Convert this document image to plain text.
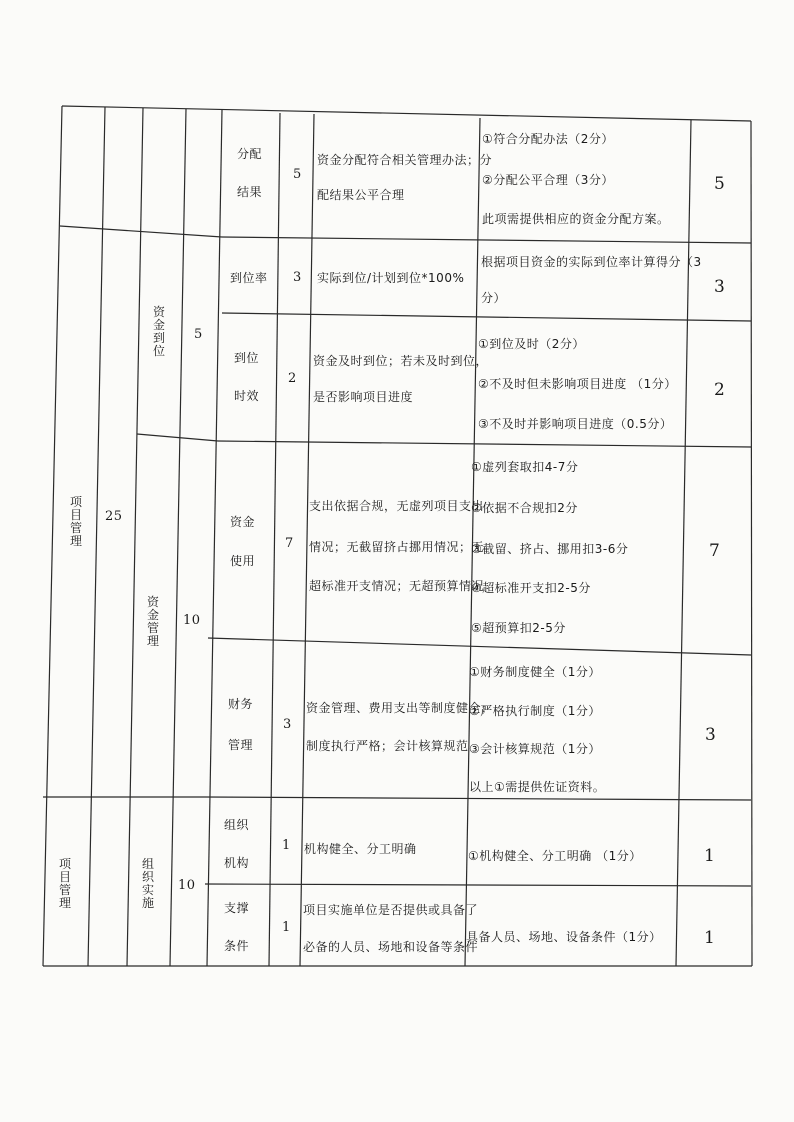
项目管理
25
资金到位
5
资金管理
10
项目管理
组织实施
10
分配
结果
5
资金分配符合相关管理办法；分
配结果公平合理
①符合分配办法（2分）
②分配公平合理（3分）
此项需提供相应的资金分配方案。
5
到位率 3 实际到位/计划到位*100%
根据项目资金的实际到位率计算得分（3
分）
3
到位
时效
2
资金及时到位；若未及时到位，
是否影响项目进度
①到位及时（2分）
②不及时但未影响项目进度 （1分）
③不及时并影响项目进度（0.5分）
2
资金
使用
7
支出依据合规，无虚列项目支出
情况；无截留挤占挪用情况；无
超标准开支情况；无超预算情况
①虚列套取扣4-7分
②依据不合规扣2分
③截留、挤占、挪用扣3-6分
④超标准开支扣2-5分
⑤超预算扣2-5分
7
财务
管理
3
资金管理、费用支出等制度健全；
制度执行严格；会计核算规范
①财务制度健全（1分）
②严格执行制度（1分）
③会计核算规范（1分）
以上①需提供佐证资料。
3
组织
机构
1 机构健全、分工明确	①机构健全、分工明确 （1分）	1
支撑
条件
1
项目实施单位是否提供或具备了
必备的人员、场地和设备等条件
具备人员、场地、设备条件（1分） 1
